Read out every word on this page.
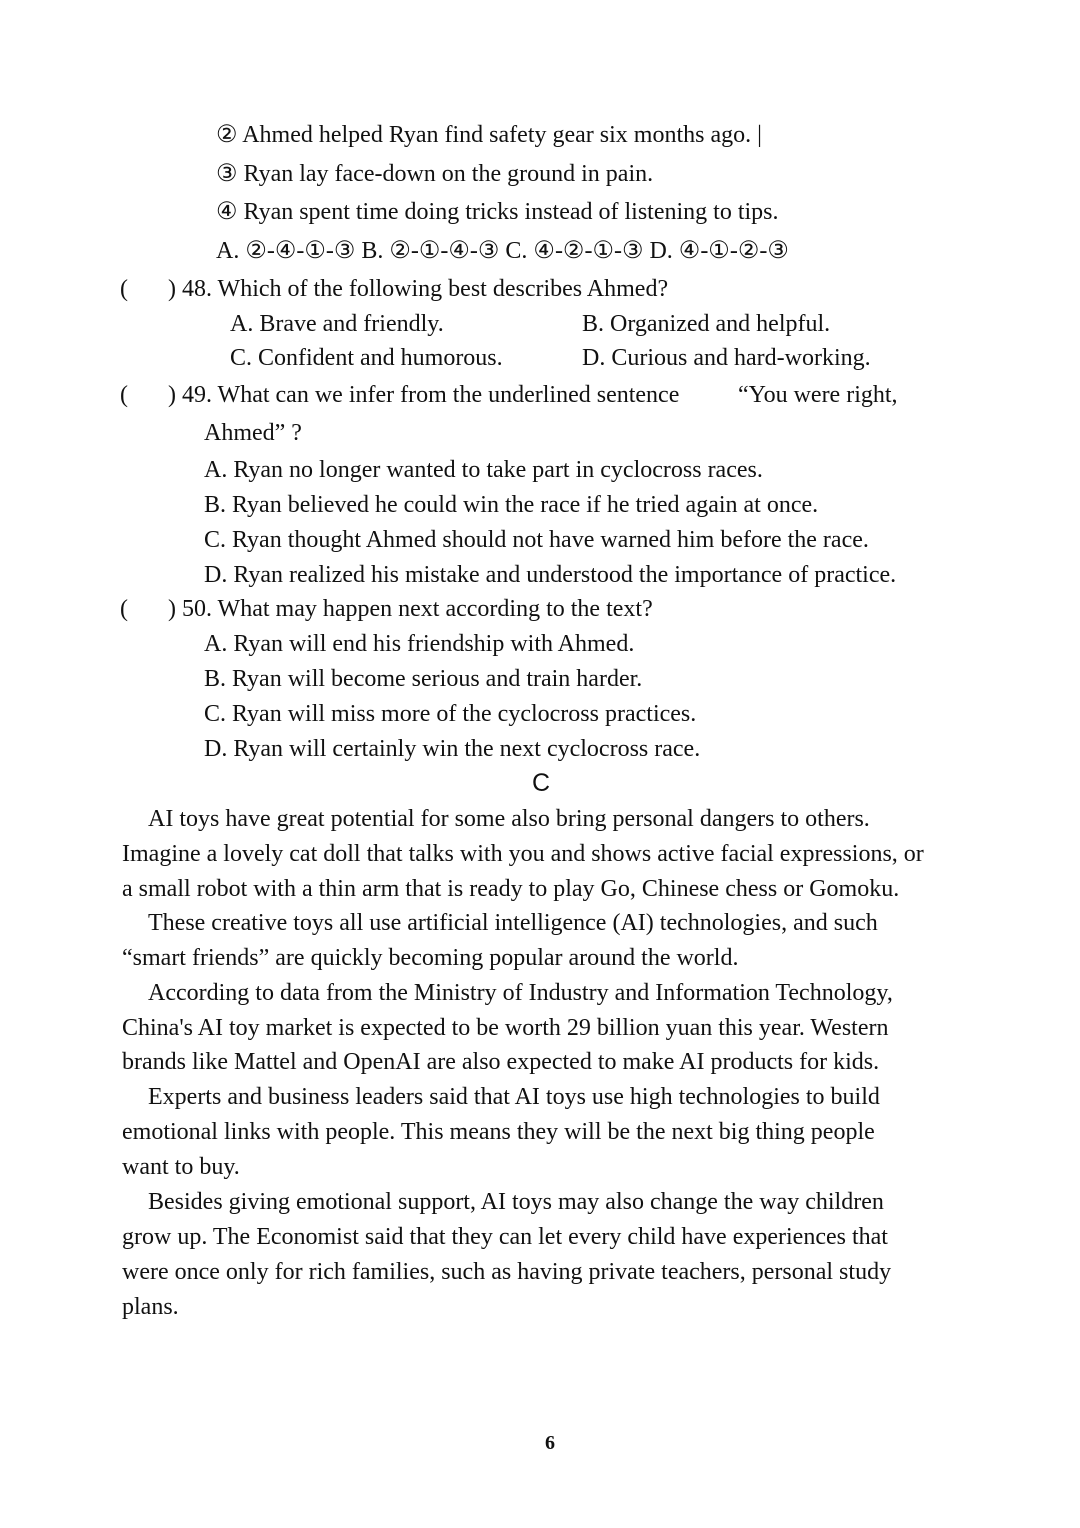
② Ahmed helped Ryan find safety gear six months ago. |
③ Ryan lay face-down on the ground in pain.
④ Ryan spent time doing tricks instead of listening to tips.
A. ②-④-①-③ B. ②-①-④-③ C. ④-②-①-③ D. ④-①-②-③
( ) 48. Which of the following best describes Ahmed?
A. Brave and friendly.	B. Organized and helpful.
C. Confident and humorous.	D. Curious and hard-working.
( ) 49. What can we infer from the underlined sentence “You were right,
Ahmed” ?
A. Ryan no longer wanted to take part in cyclocross races.
B. Ryan believed he could win the race if he tried again at once.
C. Ryan thought Ahmed should not have warned him before the race.
D. Ryan realized his mistake and understood the importance of practice.
( ) 50. What may happen next according to the text?
A. Ryan will end his friendship with Ahmed.
B. Ryan will become serious and train harder.
C. Ryan will miss more of the cyclocross practices.
D. Ryan will certainly win the next cyclocross race.
C
AI toys have great potential for some also bring personal dangers to others.
Imagine a lovely cat doll that talks with you and shows active facial expressions, or
a small robot with a thin arm that is ready to play Go, Chinese chess or Gomoku.
These creative toys all use artificial intelligence (AI) technologies, and such
“smart friends” are quickly becoming popular around the world.
According to data from the Ministry of Industry and Information Technology,
China's AI toy market is expected to be worth 29 billion yuan this year. Western
brands like Mattel and OpenAI are also expected to make AI products for kids.
Experts and business leaders said that AI toys use high technologies to build
emotional links with people. This means they will be the next big thing people
want to buy.
Besides giving emotional support, AI toys may also change the way children
grow up. The Economist said that they can let every child have experiences that
were once only for rich families, such as having private teachers, personal study
plans.
6
